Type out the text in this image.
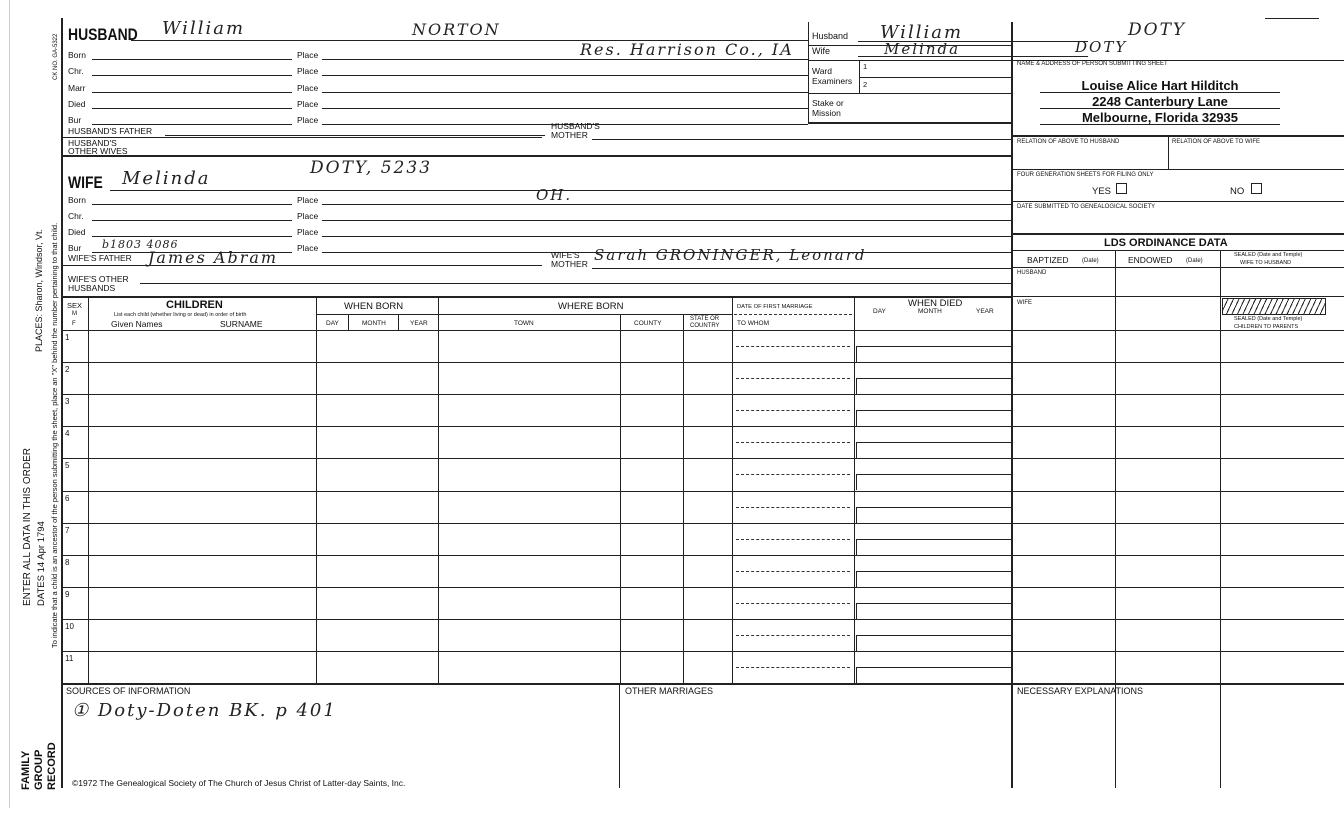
CK NO. GA-5322
PLACES: Sharon, Windsor, Vt. To indicate that a child is an ancestor of the person submitting the sheet, place an "X" behind the number pertaining to that child.
ENTER ALL DATA IN THIS ORDER DATES 14 Apr 1794
FAMILY GROUP RECORD
HUSBAND William	NORTON
Born	Place	Res. Harrison Co., IA
Chr.	Place
Marr	Place
Died	Place
Bur	Place
HUSBAND'S FATHER	HUSBAND'S
MOTHER
HUSBAND'S
OTHER WIVES
WIFE Melinda	DOTY, 5233
Born	Place	OH.
Chr.	Place
Died	Place
Bur b1803 4086	Place
WIFE'S FATHER James Abram	WIFE'S
MOTHER Sarah GRONINGER, Leonard
WIFE'S OTHER
HUSBANDS
Husband William	DOTY
Wife	Melinda	DOTY
Ward
Examiners
1
2
Stake or
Mission
NAME & ADDRESS OF PERSON SUBMITTING SHEET
Louise Alice Hart Hilditch
2248 Canterbury Lane
Melbourne, Florida 32935
RELATION OF ABOVE TO HUSBAND	RELATION OF ABOVE TO WIFE
FOUR GENERATION SHEETS FOR FILING ONLY
YES	NO
DATE SUBMITTED TO GENEALOGICAL SOCIETY
LDS ORDINANCE DATA
BAPTIZED (Date)	ENDOWED (Date)
SEALED (Date and Temple)
WIFE TO HUSBAND
HUSBAND
WIFE
SEALED (Date and Temple)
CHILDREN TO PARENTS
SEX
M
F
CHILDREN
List each child (whether living or dead) in order of birth
Given Names	SURNAME
WHEN BORN
DAY	MONTH	YEAR
WHERE BORN
TOWN	COUNTY
STATE OR
COUNTRY
DATE OF FIRST MARRIAGE
TO WHOM
WHEN DIED
DAY	MONTH	YEAR
1
2
3
4
5
6
7
8
9
10
11
SOURCES OF INFORMATION
① Doty-Doten BK. p 401
OTHER MARRIAGES	NECESSARY EXPLANATIONS
©1972 The Genealogical Society of The Church of Jesus Christ of Latter-day Saints, Inc.
